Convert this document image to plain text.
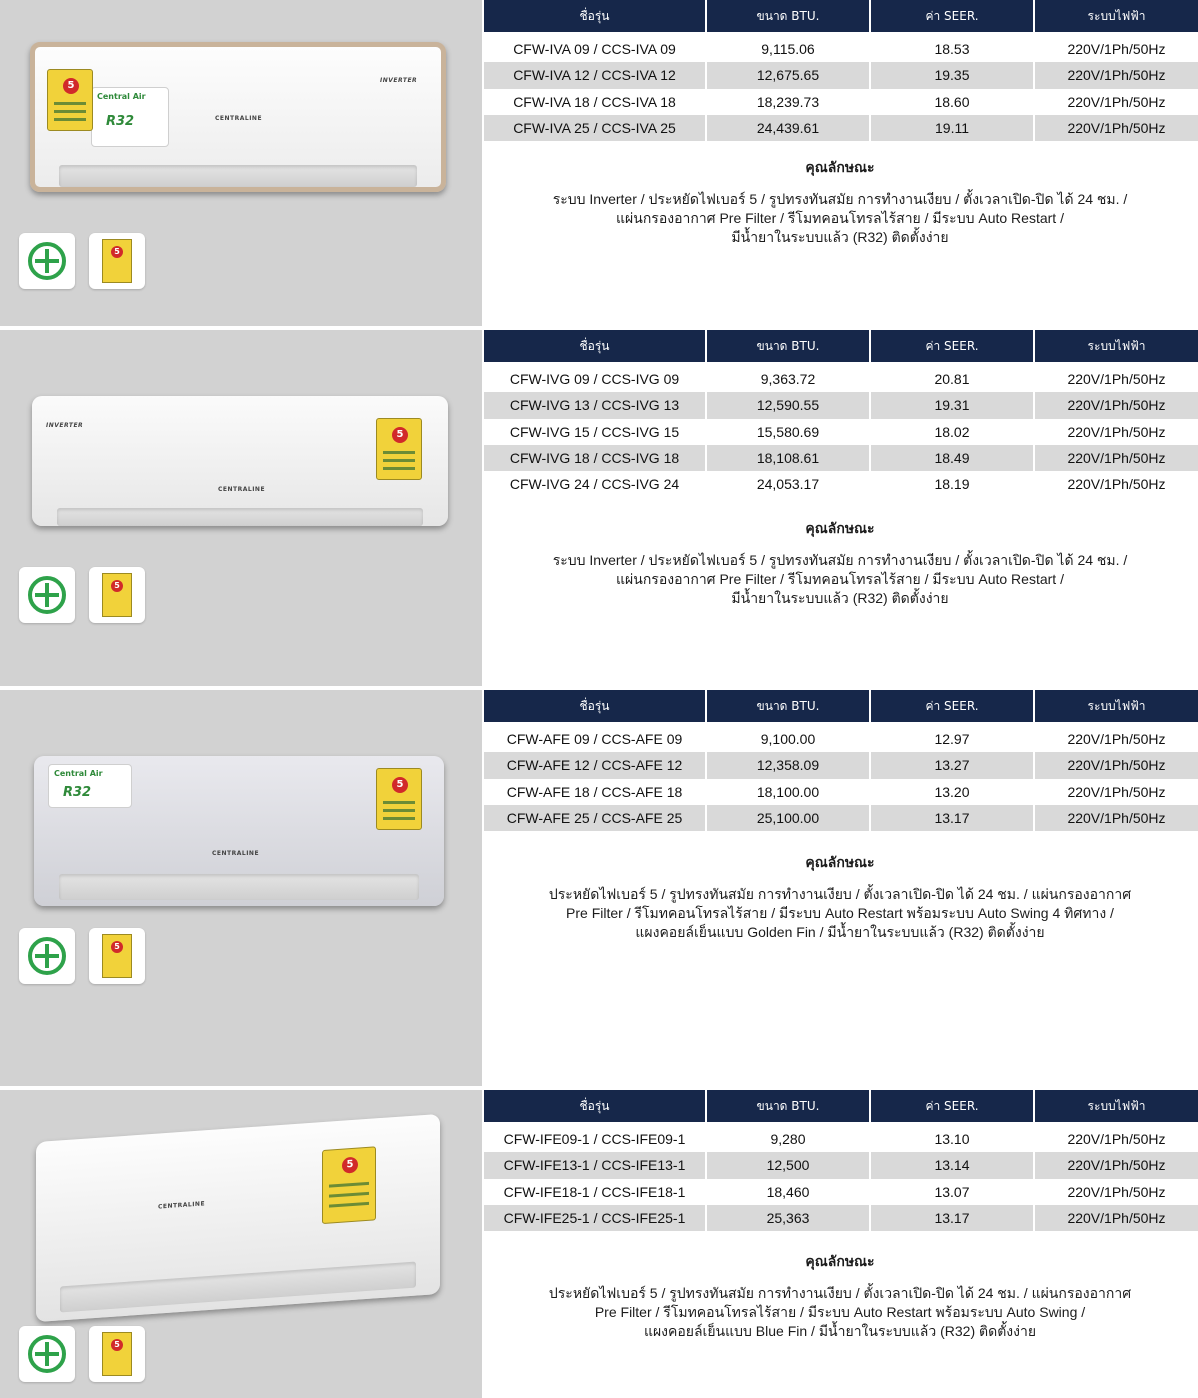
Central Air
R32
5	INVERTER
CENTRALINE
5
ชื่อรุ่น	ขนาด BTU.	ค่า SEER.	ระบบไฟฟ้า

CFW-IVA 09 / CCS-IVA 09	9,115.06	18.53	220V/1Ph/50Hz
CFW-IVA 12 / CCS-IVA 12	12,675.65	19.35	220V/1Ph/50Hz
CFW-IVA 18 / CCS-IVA 18	18,239.73	18.60	220V/1Ph/50Hz
CFW-IVA 25 / CCS-IVA 25	24,439.61	19.11	220V/1Ph/50Hz
คุณลักษณะ
ระบบ Inverter / ประหยัดไฟเบอร์ 5 / รูปทรงทันสมัย การทำงานเงียบ / ตั้งเวลาเปิด-ปิด ได้ 24 ชม. /
แผ่นกรองอากาศ Pre Filter / รีโมทคอนโทรลไร้สาย / มีระบบ Auto Restart /
มีน้ำยาในระบบแล้ว (R32) ติดตั้งง่าย
INVERTER
5
CENTRALINE
5
ชื่อรุ่น	ขนาด BTU.	ค่า SEER.	ระบบไฟฟ้า

CFW-IVG 09 / CCS-IVG 09	9,363.72	20.81	220V/1Ph/50Hz
CFW-IVG 13 / CCS-IVG 13	12,590.55	19.31	220V/1Ph/50Hz
CFW-IVG 15 / CCS-IVG 15	15,580.69	18.02	220V/1Ph/50Hz
CFW-IVG 18 / CCS-IVG 18	18,108.61	18.49	220V/1Ph/50Hz
CFW-IVG 24 / CCS-IVG 24	24,053.17	18.19	220V/1Ph/50Hz
คุณลักษณะ
ระบบ Inverter / ประหยัดไฟเบอร์ 5 / รูปทรงทันสมัย การทำงานเงียบ / ตั้งเวลาเปิด-ปิด ได้ 24 ชม. /
แผ่นกรองอากาศ Pre Filter / รีโมทคอนโทรลไร้สาย / มีระบบ Auto Restart /
มีน้ำยาในระบบแล้ว (R32) ติดตั้งง่าย
Central Air
R32
5
CENTRALINE
5
ชื่อรุ่น	ขนาด BTU.	ค่า SEER.	ระบบไฟฟ้า

CFW-AFE 09 / CCS-AFE 09	9,100.00	12.97	220V/1Ph/50Hz
CFW-AFE 12 / CCS-AFE 12	12,358.09	13.27	220V/1Ph/50Hz
CFW-AFE 18 / CCS-AFE 18	18,100.00	13.20	220V/1Ph/50Hz
CFW-AFE 25 / CCS-AFE 25	25,100.00	13.17	220V/1Ph/50Hz
คุณลักษณะ
ประหยัดไฟเบอร์ 5 / รูปทรงทันสมัย การทำงานเงียบ / ตั้งเวลาเปิด-ปิด ได้ 24 ชม. / แผ่นกรองอากาศ
Pre Filter / รีโมทคอนโทรลไร้สาย / มีระบบ Auto Restart พร้อมระบบ Auto Swing 4 ทิศทาง /
แผงคอยล์เย็นแบบ Golden Fin / มีน้ำยาในระบบแล้ว (R32) ติดตั้งง่าย
5
CENTRALINE
5
ชื่อรุ่น	ขนาด BTU.	ค่า SEER.	ระบบไฟฟ้า

CFW-IFE09-1 / CCS-IFE09-1	9,280	13.10	220V/1Ph/50Hz
CFW-IFE13-1 / CCS-IFE13-1	12,500	13.14	220V/1Ph/50Hz
CFW-IFE18-1 / CCS-IFE18-1	18,460	13.07	220V/1Ph/50Hz
CFW-IFE25-1 / CCS-IFE25-1	25,363	13.17	220V/1Ph/50Hz
คุณลักษณะ
ประหยัดไฟเบอร์ 5 / รูปทรงทันสมัย การทำงานเงียบ / ตั้งเวลาเปิด-ปิด ได้ 24 ชม. / แผ่นกรองอากาศ
Pre Filter / รีโมทคอนโทรลไร้สาย / มีระบบ Auto Restart พร้อมระบบ Auto Swing /
แผงคอยล์เย็นแบบ Blue Fin / มีน้ำยาในระบบแล้ว (R32) ติดตั้งง่าย
